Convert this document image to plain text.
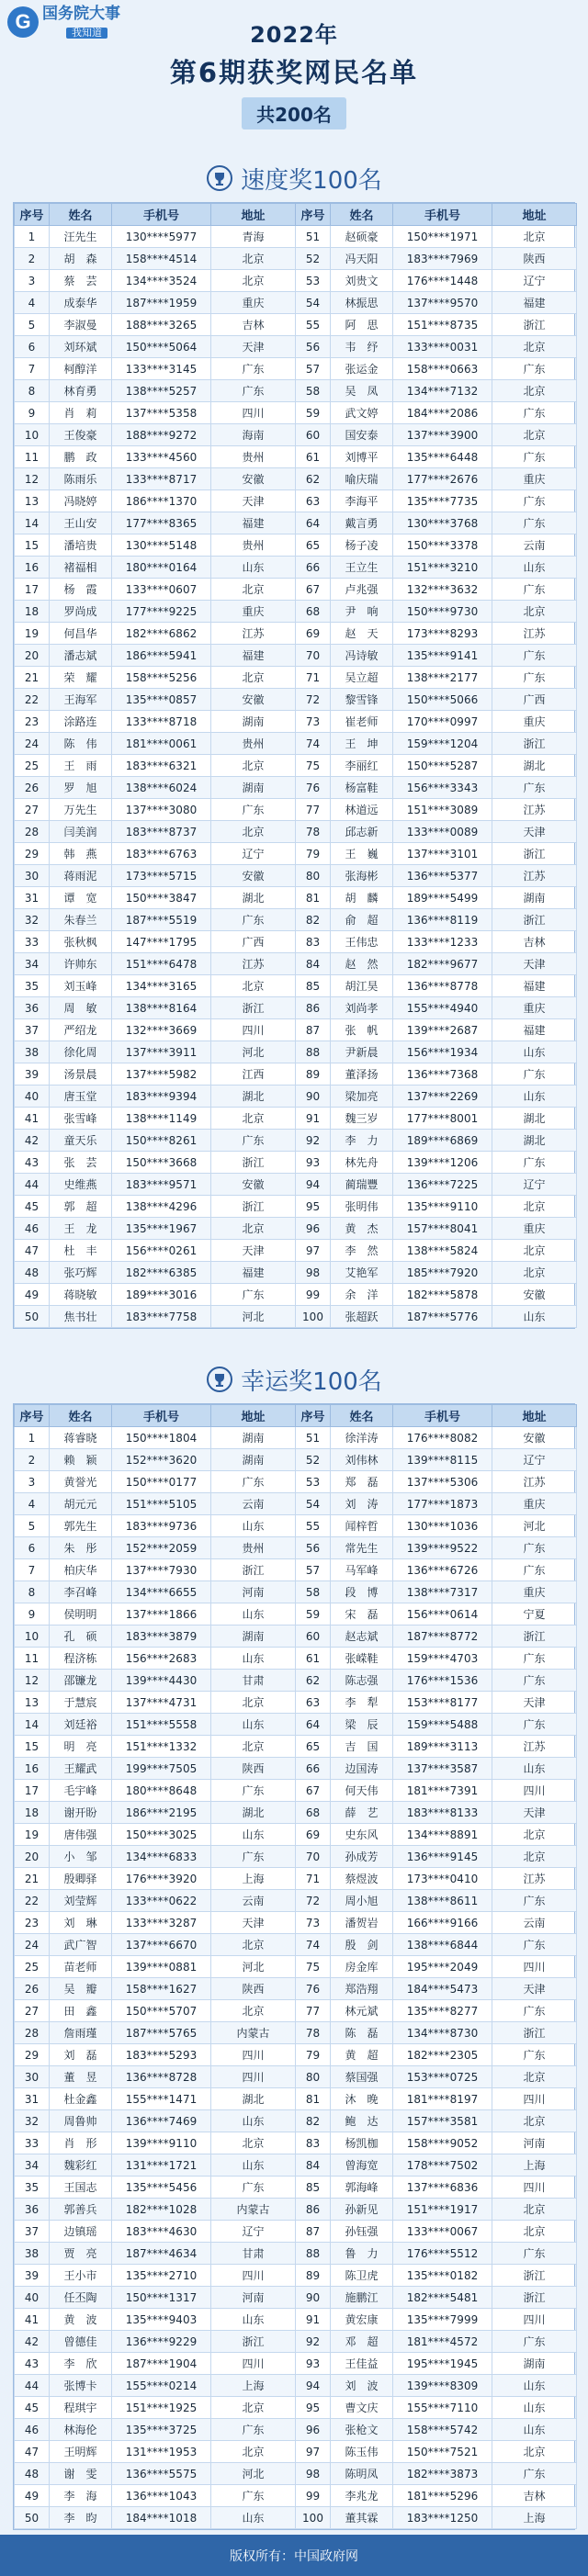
G 国务院大事
我知道	2022年
第6期获奖网民名单
共200名
速度奖100名
序号	姓名	手机号	地址	序号	姓名	手机号	地址
1	汪先生	130****5977	青海	51	赵硕豪	150****1971	北京
2	胡　森	158****4514	北京	52	冯天阳	183****7969	陕西
3	蔡　芸	134****3524	北京	53	刘贵文	176****1448	辽宁
4	成泰华	187****1959	重庆	54	林振思	137****9570	福建
5	李淑曼	188****3265	吉林	55	阿　思	151****8735	浙江
6	刘环斌	150****5064	天津	56	韦　纾	133****0031	北京
7	柯醇洋	133****3145	广东	57	张运金	158****0663	广东
8	林育勇	138****5257	广东	58	吴　凤	134****7132	北京
9	肖　莉	137****5358	四川	59	武文婷	184****2086	广东
10	王俊豪	188****9272	海南	60	国安泰	137****3900	北京
11	鹏　政	133****4560	贵州	61	刘博平	135****6448	广东
12	陈雨乐	133****8717	安徽	62	喻庆瑞	177****2676	重庆
13	冯晓婷	186****1370	天津	63	李海平	135****7735	广东
14	王山安	177****8365	福建	64	戴言勇	130****3768	广东
15	潘培贵	130****5148	贵州	65	杨子凌	150****3378	云南
16	褚福相	180****0164	山东	66	王立生	151****3210	山东
17	杨　霞	133****0607	北京	67	卢兆强	132****3632	广东
18	罗尚成	177****9225	重庆	68	尹　响	150****9730	北京
19	何昌华	182****6862	江苏	69	赵　天	173****8293	江苏
20	潘志斌	186****5941	福建	70	冯诗敏	135****9141	广东
21	荣　耀	158****5256	北京	71	吴立超	138****2177	广东
22	王海军	135****0857	安徽	72	黎雪锋	150****5066	广西
23	涂路连	133****8718	湖南	73	崔老师	170****0997	重庆
24	陈　伟	181****0061	贵州	74	王　坤	159****1204	浙江
25	王　雨	183****6321	北京	75	李丽红	150****5287	湖北
26	罗　旭	138****6024	湖南	76	杨富鞋	156****3343	广东
27	万先生	137****3080	广东	77	林道远	151****3089	江苏
28	闫美润	183****8737	北京	78	邱志新	133****0089	天津
29	韩　燕	183****6763	辽宁	79	王　巍	137****3101	浙江
30	蒋雨泥	173****5715	安徽	80	张海彬	136****5377	江苏
31	谭　宽	150****3847	湖北	81	胡　麟	189****5499	湖南
32	朱春兰	187****5519	广东	82	俞　超	136****8119	浙江
33	张秋枫	147****1795	广西	83	王伟忠	133****1233	吉林
34	许帅东	151****6478	江苏	84	赵　然	182****9677	天津
35	刘玉峰	134****3165	北京	85	胡江昊	136****8778	福建
36	周　敏	138****8164	浙江	86	刘尚孝	155****4940	重庆
37	严绍龙	132****3669	四川	87	张　帆	139****2687	福建
38	徐化周	137****3911	河北	88	尹新晨	156****1934	山东
39	汤景晨	137****5982	江西	89	董泽扬	136****7368	广东
40	唐玉堂	183****9394	湖北	90	梁加亮	137****2269	山东
41	张雪峰	138****1149	北京	91	魏三岁	177****8001	湖北
42	童天乐	150****8261	广东	92	李　力	189****6869	湖北
43	张　芸	150****3668	浙江	93	林先舟	139****1206	广东
44	史维燕	183****9571	安徽	94	蔺瑞豐	136****7225	辽宁
45	郭　超	138****4296	浙江	95	张明伟	135****9110	北京
46	王　龙	135****1967	北京	96	黄　杰	157****8041	重庆
47	杜　丰	156****0261	天津	97	李　然	138****5824	北京
48	张巧辉	182****6385	福建	98	艾艳军	185****7920	北京
49	蒋晓敏	189****3016	广东	99	余　洋	182****5878	安徽
50	焦书壮	183****7758	河北	100	张超跃	187****5776	山东
幸运奖100名
序号	姓名	手机号	地址	序号	姓名	手机号	地址
1	蒋睿晓	150****1804	湖南	51	徐洋涛	176****8082	安徽
2	赖　颖	152****3620	湖南	52	刘伟林	139****8115	辽宁
3	黄誉光	150****0177	广东	53	郑　磊	137****5306	江苏
4	胡元元	151****5105	云南	54	刘　涛	177****1873	重庆
5	郭先生	183****9736	山东	55	闻梓哲	130****1036	河北
6	朱　彤	152****2059	贵州	56	常先生	139****9522	广东
7	柏庆华	137****7930	浙江	57	马军峰	136****6726	广东
8	李召峰	134****6655	河南	58	段　博	138****7317	重庆
9	侯明明	137****1866	山东	59	宋　磊	156****0614	宁夏
10	孔　硕	183****3879	湖南	60	赵志斌	187****8772	浙江
11	程济栋	156****2683	山东	61	张嵘鞋	159****4703	广东
12	邵镰龙	139****4430	甘肃	62	陈志强	176****1536	广东
13	于慧宸	137****4731	北京	63	李　犁	153****8177	天津
14	刘廷裕	151****5558	山东	64	梁　辰	159****5488	广东
15	明　亮	151****1332	北京	65	吉　国	189****3113	江苏
16	王耀武	199****7505	陕西	66	边国涛	137****3587	山东
17	毛宇峰	180****8648	广东	67	何天伟	181****7391	四川
18	谢开盼	186****2195	湖北	68	薛　艺	183****8133	天津
19	唐伟强	150****3025	山东	69	史东风	134****8891	北京
20	小　邹	134****6833	广东	70	孙成芳	136****9145	北京
21	殷卿驿	176****3920	上海	71	蔡煜波	173****0410	江苏
22	刘莹辉	133****0622	云南	72	周小旭	138****8611	广东
23	刘　琳	133****3287	天津	73	潘贺岩	166****9166	云南
24	武广智	137****6670	北京	74	殷　剑	138****6844	广东
25	苗老师	139****0881	河北	75	房金库	195****2049	四川
26	吴　瓣	158****1627	陕西	76	郑浩翔	184****5473	天津
27	田　鑫	150****5707	北京	77	林元斌	135****8277	广东
28	詹雨瑾	187****5765	内蒙古	78	陈　磊	134****8730	浙江
29	刘　磊	183****5293	四川	79	黄　超	182****2305	广东
30	董　昱	136****8728	四川	80	蔡国强	153****0725	北京
31	杜金鑫	155****1471	湖北	81	沐　晚	181****8197	四川
32	周鲁帅	136****7469	山东	82	鲍　达	157****3581	北京
33	肖　形	139****9110	北京	83	杨凯枷	158****9052	河南
34	魏彩红	131****1721	山东	84	曾海宽	178****7502	上海
35	王国志	135****5456	广东	85	郭海峰	137****6836	四川
36	郭善兵	182****1028	内蒙古	86	孙新见	151****1917	北京
37	边镇瑶	183****4630	辽宁	87	孙钰强	133****0067	北京
38	贾　亮	187****4634	甘肃	88	鲁　力	176****5512	广东
39	王小市	135****2710	四川	89	陈卫虎	135****0182	浙江
40	任丕陶	150****1317	河南	90	施鹏江	182****5481	浙江
41	黄　波	135****9403	山东	91	黄宏康	135****7999	四川
42	曾德佳	136****9229	浙江	92	邓　超	181****4572	广东
43	李　欣	187****1904	四川	93	王佳益	195****1945	湖南
44	张博卡	155****0214	上海	94	刘　波	139****8309	山东
45	程琪宇	151****1925	北京	95	曹文庆	155****7110	山东
46	林海伦	135****3725	广东	96	张枪文	158****5742	山东
47	王明辉	131****1953	北京	97	陈玉伟	150****7521	北京
48	谢　雯	136****5575	河北	98	陈明凤	182****3873	广东
49	李　海	136****1043	广东	99	李兆龙	181****5296	吉林
50	李　昀	184****1018	山东	100	董其霖	183****1250	上海
版权所有：中国政府网
